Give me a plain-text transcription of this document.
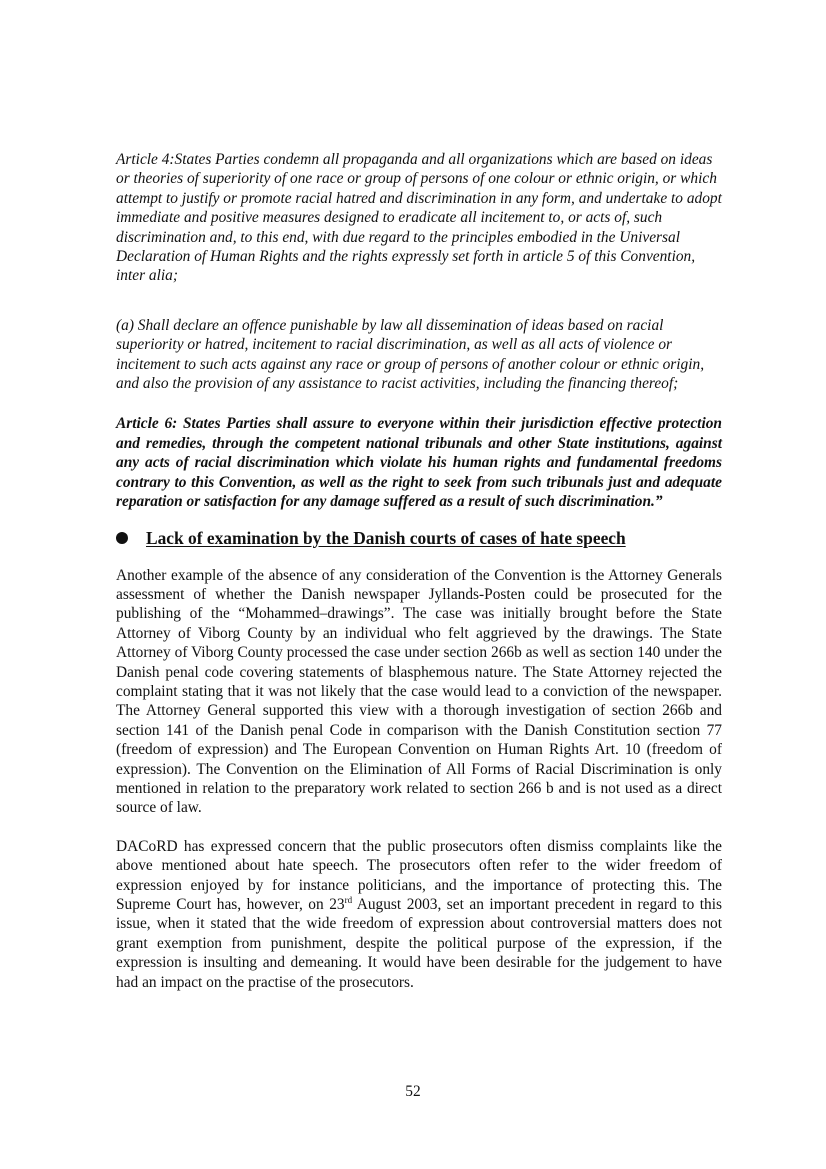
Article 4:States Parties condemn all propaganda and all organizations which are based on ideas or theories of superiority of one race or group of persons of one colour or ethnic origin, or which attempt to justify or promote racial hatred and discrimination in any form, and undertake to adopt immediate and positive measures designed to eradicate all incitement to, or acts of, such discrimination and, to this end, with due regard to the principles embodied in the Universal Declaration of Human Rights and the rights expressly set forth in article 5 of this Convention, inter alia;

(a) Shall declare an offence punishable by law all dissemination of ideas based on racial superiority or hatred, incitement to racial discrimination, as well as all acts of violence or incitement to such acts against any race or group of persons of another colour or ethnic origin, and also the provision of any assistance to racist activities, including the financing thereof;

Article 6: States Parties shall assure to everyone within their jurisdiction effective protection and remedies, through the competent national tribunals and other State institutions, against any acts of racial discrimination which violate his human rights and fundamental freedoms contrary to this Convention, as well as the right to seek from such tribunals just and adequate reparation or satisfaction for any damage suffered as a result of such discrimination.”

Lack of examination by the Danish courts of cases of hate speech

Another example of the absence of any consideration of the Convention is the Attorney Generals assessment of whether the Danish newspaper Jyllands-Posten could be prosecuted for the publishing of the “Mohammed–drawings”. The case was initially brought before the State Attorney of Viborg County by an individual who felt aggrieved by the drawings. The State Attorney of Viborg County processed the case under section 266b as well as section 140 under the Danish penal code covering statements of blasphemous nature. The State Attorney rejected the complaint stating that it was not likely that the case would lead to a conviction of the newspaper. The Attorney General supported this view with a thorough investigation of section 266b and section 141 of the Danish penal Code in comparison with the Danish Constitution section 77 (freedom of expression) and The European Convention on Human Rights Art. 10 (freedom of expression). The Convention on the Elimination of All Forms of Racial Discrimination is only mentioned in relation to the preparatory work related to section 266 b and is not used as a direct source of law.

DACoRD has expressed concern that the public prosecutors often dismiss complaints like the above mentioned about hate speech. The prosecutors often refer to the wider freedom of expression enjoyed by for instance politicians, and the importance of protecting this. The Supreme Court has, however, on 23rd August 2003, set an important precedent in regard to this issue, when it stated that the wide freedom of expression about controversial matters does not grant exemption from punishment, despite the political purpose of the expression, if the expression is insulting and demeaning. It would have been desirable for the judgement to have had an impact on the practise of the prosecutors.

52
